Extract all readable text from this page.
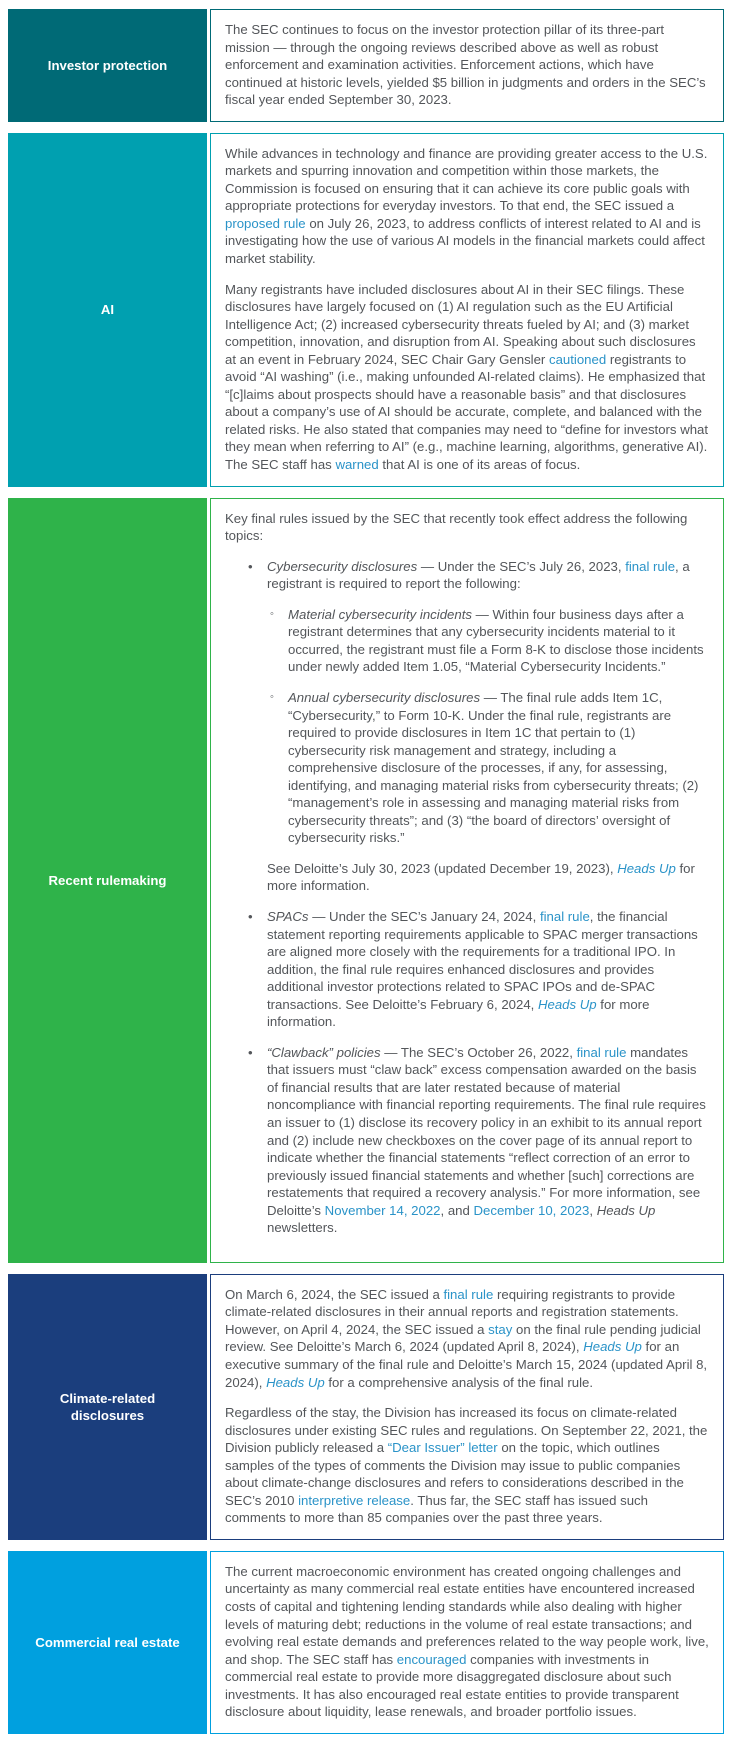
Investor protection
The SEC continues to focus on the investor protection pillar of its three-part mission — through the ongoing reviews described above as well as robust enforcement and examination activities. Enforcement actions, which have continued at historic levels, yielded $5 billion in judgments and orders in the SEC’s fiscal year ended September 30, 2023.
AI
While advances in technology and finance are providing greater access to the U.S. markets and spurring innovation and competition within those markets, the Commission is focused on ensuring that it can achieve its core public goals with appropriate protections for everyday investors. To that end, the SEC issued a proposed rule on July 26, 2023, to address conflicts of interest related to AI and is investigating how the use of various AI models in the financial markets could affect market stability.
Many registrants have included disclosures about AI in their SEC filings. These disclosures have largely focused on (1) AI regulation such as the EU Artificial Intelligence Act; (2) increased cybersecurity threats fueled by AI; and (3) market competition, innovation, and disruption from AI. Speaking about such disclosures at an event in February 2024, SEC Chair Gary Gensler cautioned registrants to avoid “AI washing” (i.e., making unfounded AI-related claims). He emphasized that “[c]laims about prospects should have a reasonable basis” and that disclosures about a company’s use of AI should be accurate, complete, and balanced with the related risks. He also stated that companies may need to “define for investors what they mean when referring to AI” (e.g., machine learning, algorithms, generative AI). The SEC staff has warned that AI is one of its areas of focus.
Recent rulemaking
Key final rules issued by the SEC that recently took effect address the following topics:
•	Cybersecurity disclosures — Under the SEC’s July 26, 2023, final rule, a registrant is required to report the following:
◦	Material cybersecurity incidents — Within four business days after a registrant determines that any cybersecurity incidents material to it occurred, the registrant must file a Form 8-K to disclose those incidents under newly added Item 1.05, “Material Cybersecurity Incidents.”
◦	Annual cybersecurity disclosures — The final rule adds Item 1C, “Cybersecurity,” to Form 10-K. Under the final rule, registrants are required to provide disclosures in Item 1C that pertain to (1) cybersecurity risk management and strategy, including a comprehensive disclosure of the processes, if any, for assessing, identifying, and managing material risks from cybersecurity threats; (2) “management’s role in assessing and managing material risks from cybersecurity threats”; and (3) “the board of directors’ oversight of cybersecurity risks.”
See Deloitte’s July 30, 2023 (updated December 19, 2023), Heads Up for more information.
•	SPACs — Under the SEC’s January 24, 2024, final rule, the financial statement reporting requirements applicable to SPAC merger transactions are aligned more closely with the requirements for a traditional IPO. In addition, the final rule requires enhanced disclosures and provides additional investor protections related to SPAC IPOs and de-SPAC transactions. See Deloitte’s February 6, 2024, Heads Up for more information.
•	“Clawback” policies — The SEC’s October 26, 2022, final rule mandates that issuers must “claw back” excess compensation awarded on the basis of financial results that are later restated because of material noncompliance with financial reporting requirements. The final rule requires an issuer to (1) disclose its recovery policy in an exhibit to its annual report and (2) include new checkboxes on the cover page of its annual report to indicate whether the financial statements “reflect correction of an error to previously issued financial statements and whether [such] corrections are restatements that required a recovery analysis.” For more information, see Deloitte’s November 14, 2022, and December 10, 2023, Heads Up newsletters.
Climate-related disclosures
On March 6, 2024, the SEC issued a final rule requiring registrants to provide climate-related disclosures in their annual reports and registration statements. However, on April 4, 2024, the SEC issued a stay on the final rule pending judicial review. See Deloitte’s March 6, 2024 (updated April 8, 2024), Heads Up for an executive summary of the final rule and Deloitte’s March 15, 2024 (updated April 8, 2024), Heads Up for a comprehensive analysis of the final rule.
Regardless of the stay, the Division has increased its focus on climate-related disclosures under existing SEC rules and regulations. On September 22, 2021, the Division publicly released a “Dear Issuer” letter on the topic, which outlines samples of the types of comments the Division may issue to public companies about climate-change disclosures and refers to considerations described in the SEC’s 2010 interpretive release. Thus far, the SEC staff has issued such comments to more than 85 companies over the past three years.
Commercial real estate
The current macroeconomic environment has created ongoing challenges and uncertainty as many commercial real estate entities have encountered increased costs of capital and tightening lending standards while also dealing with higher levels of maturing debt; reductions in the volume of real estate transactions; and evolving real estate demands and preferences related to the way people work, live, and shop. The SEC staff has encouraged companies with investments in commercial real estate to provide more disaggregated disclosure about such investments. It has also encouraged real estate entities to provide transparent disclosure about liquidity, lease renewals, and broader portfolio issues.
